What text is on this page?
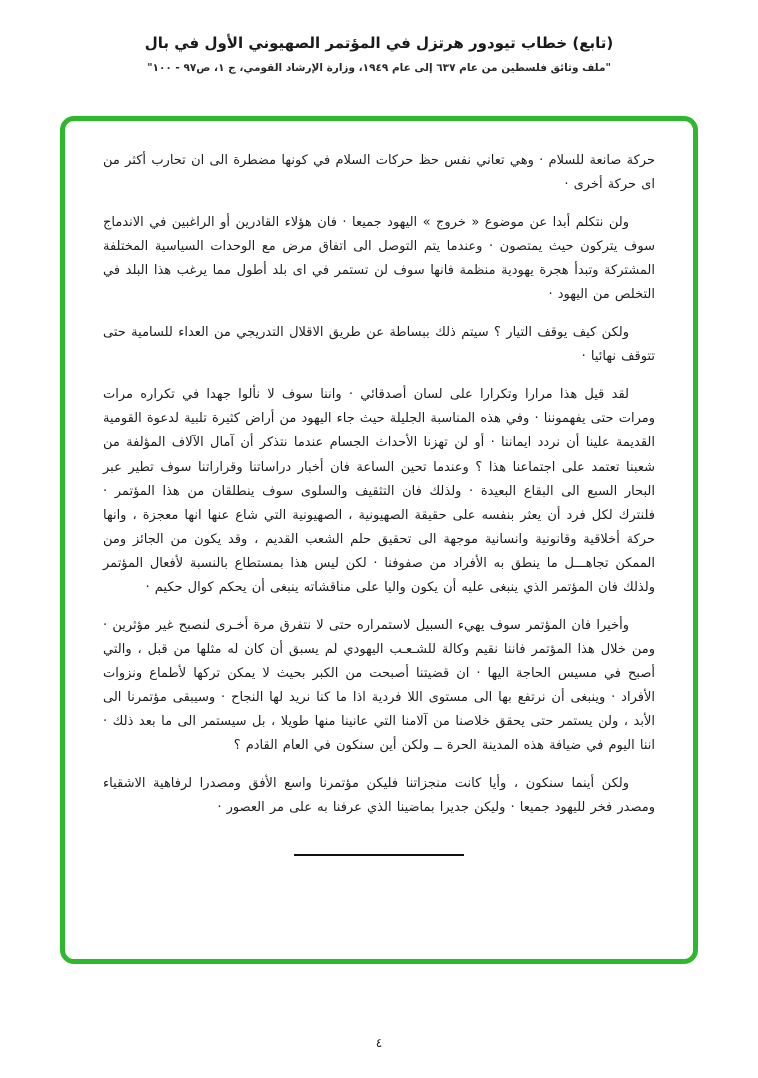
(تابع) خطاب تيودور هرتزل في المؤتمر الصهيوني الأول في بال
"ملف وثائق فلسطين من عام ٦٣٧ إلى عام ١٩٤٩، وزارة الإرشاد القومي، ج ١، ص٩٧ - ١٠٠"

حركة صانعة للسلام · وهي تعاني نفس حظ حركات السلام في كونها مضطرة الى ان تحارب أكثر من اى حركة أخرى ·

ولن نتكلم أبدا عن موضوع « خروج » اليهود جميعا · فان هؤلاء القادرين أو الراغبين في الاندماج سوف يتركون حيث يمتصون · وعندما يتم التوصل الى اتفاق مرض مع الوحدات السياسية المختلفة المشتركة وتبدأ هجرة يهودية منظمة فانها سوف لن تستمر في اى بلد أطول مما يرغب هذا البلد في التخلص من اليهود ·

ولكن كيف يوقف التيار ؟ سيتم ذلك ببساطة عن طريق الاقلال التدريجي من العداء للسامية حتى تتوقف نهائيا ·

لقد قيل هذا مرارا وتكرارا على لسان أصدقائي · واننا سوف لا نألوا جهدا في تكراره مرات ومرات حتى يفهموننا · وفي هذه المناسبة الجليلة حيث جاء اليهود من أراض كثيرة تلبية لدعوة القومية القديمة علينا أن نردد ايماننا · أو لن تهزنا الأحداث الجسام عندما نتذكر أن آمال الآلاف المؤلفة من شعبنا تعتمد على اجتماعنا هذا ؟ وعندما تحين الساعة فان أخبار دراساتنا وقراراتنا سوف تطير عبر البحار السبع الى البقاع البعيدة · ولذلك فان التثقيف والسلوى سوف ينطلقان من هذا المؤتمر · فلنترك لكل فرد أن يعثر بنفسه على حقيقة الصهيونية ، الصهيونية التي شاع عنها انها معجزة ، وانها حركة أخلاقية وقانونية وانسانية موجهة الى تحقيق حلم الشعب القديم ، وقد يكون من الجائز ومن الممكن تجاهـــل ما ينطق به الأفراد من صفوفنا · لكن ليس هذا بمستطاع بالنسبة لأفعال المؤتمر ولذلك فان المؤتمر الذي ينبغى عليه أن يكون واليا على مناقشاته ينبغى أن يحكم كوال حكيم ·

وأخيرا فان المؤتمر سوف يهيء السبيل لاستمراره حتى لا نتفرق مرة أخـرى لنصبح غير مؤثرين · ومن خلال هذا المؤتمر فاننا نقيم وكالة للشـعـب اليهودي لم يسبق أن كان له مثلها من قبل ، والتي أصبح في مسيس الحاجة اليها · ان قضيتنا أصبحت من الكبر بحيث لا يمكن تركها لأطماع ونزوات الأفراد · وينبغى أن نرتفع بها الى مستوى اللا فردية اذا ما كنا نريد لها النجاح · وسيبقى مؤتمرنا الى الأبد ، ولن يستمر حتى يحقق خلاصنا من آلامنا التي عانينا منها طويلا ، بل سيستمر الى ما بعد ذلك · اننا اليوم في ضيافة هذه المدينة الحرة ــ ولكن أين سنكون في العام القادم ؟

ولكن أينما سنكون ، وأيا كانت منجزاتنا فليكن مؤتمرنا واسع الأفق ومصدرا لرفاهية الاشقياء ومصدر فخر لليهود جميعا · وليكن جديرا بماضينا الذي عرفنا به على مر العصور ·

٤
